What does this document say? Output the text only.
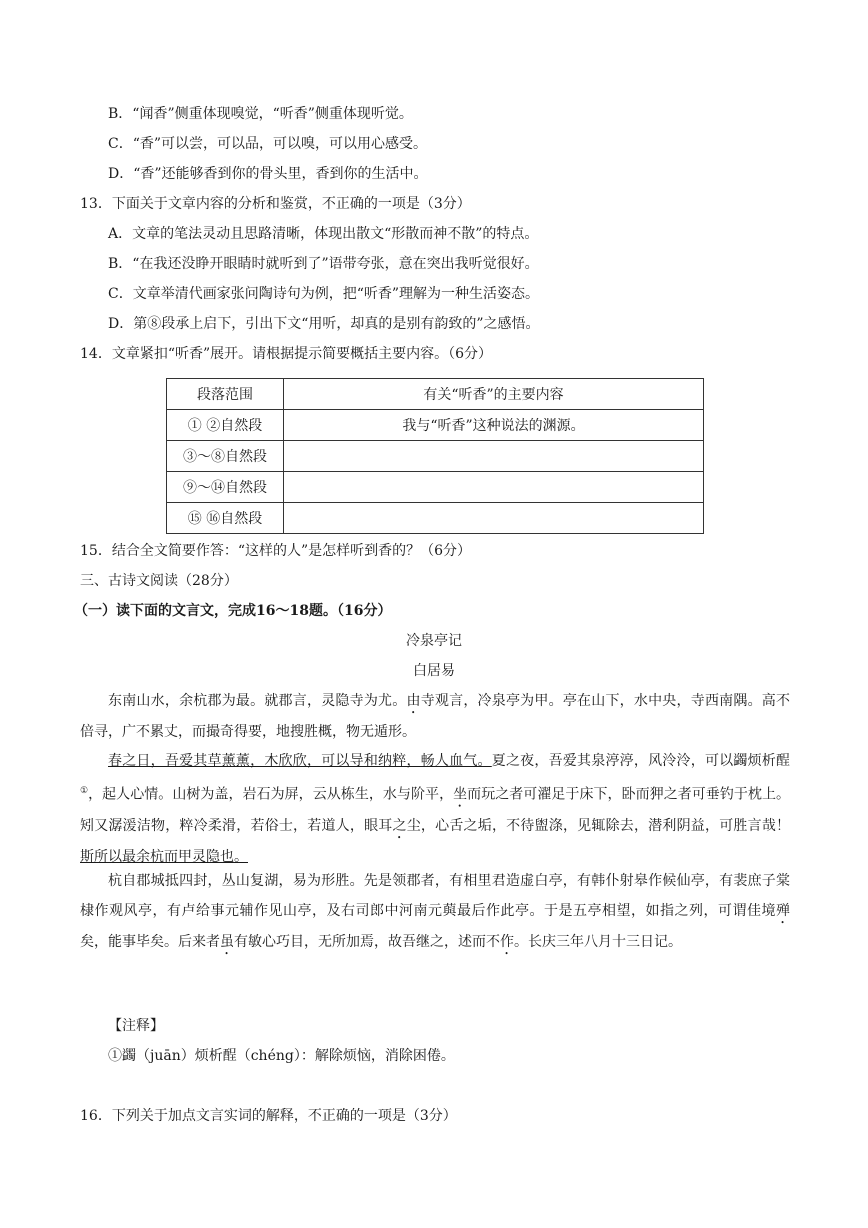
B．“闻香”侧重体现嗅觉，“听香”侧重体现听觉。
C．“香”可以尝，可以品，可以嗅，可以用心感受。
D．“香”还能够香到你的骨头里，香到你的生活中。
13．下面关于文章内容的分析和鉴赏，不正确的一项是（3分）
A．文章的笔法灵动且思路清晰，体现出散文“形散而神不散”的特点。
B．“在我还没睁开眼睛时就听到了”语带夸张，意在突出我听觉很好。
C．文章举清代画家张问陶诗句为例，把“听香”理解为一种生活姿态。
D．第⑧段承上启下，引出下文“用听，却真的是别有韵致的”之感悟。
14．文章紧扣“听香”展开。请根据提示简要概括主要内容。（6分）
段落范围	有关“听香”的主要内容
① ②自然段	我与“听香”这种说法的渊源。
③～⑧自然段	
⑨～⑭自然段	
⑮ ⑯自然段	
15．结合全文简要作答：“这样的人”是怎样听到香的？（6分）
三、古诗文阅读（28分）
（一）读下面的文言文，完成16～18题。（16分）
冷泉亭记
白居易
东南山水，余杭郡为最。就郡言，灵隐寺为尤。由寺观言，冷泉亭为甲。亭在山下，水中央，寺西南隅。高不倍寻，广不累丈，而撮奇得要，地搜胜概，物无遁形。
春之日，吾爱其草薰薰，木欣欣，可以导和纳粹，畅人血气。夏之夜，吾爱其泉渟渟，风泠泠，可以蠲烦析酲①，起人心情。山树为盖，岩石为屏，云从栋生，水与阶平，坐而玩之者可濯足于床下，卧而狎之者可垂钓于枕上。矧又潺湲洁物，粹冷柔滑，若俗士，若道人，眼耳之尘，心舌之垢，不待盥涤，见辄除去，潜利阴益，可胜言哉！斯所以最余杭而甲灵隐也。
杭自郡城抵四封，丛山复湖，易为形胜。先是领郡者，有相里君造虚白亭，有韩仆射皋作候仙亭，有裴庶子棠棣作观风亭，有卢给事元辅作见山亭，及右司郎中河南元藇最后作此亭。于是五亭相望，如指之列，可谓佳境殚矣，能事毕矣。后来者虽有敏心巧目，无所加焉，故吾继之，述而不作。长庆三年八月十三日记。
【注释】
①蠲（juān）烦析酲（chéng）：解除烦恼，消除困倦。
16．下列关于加点文言实词的解释，不正确的一项是（3分）
